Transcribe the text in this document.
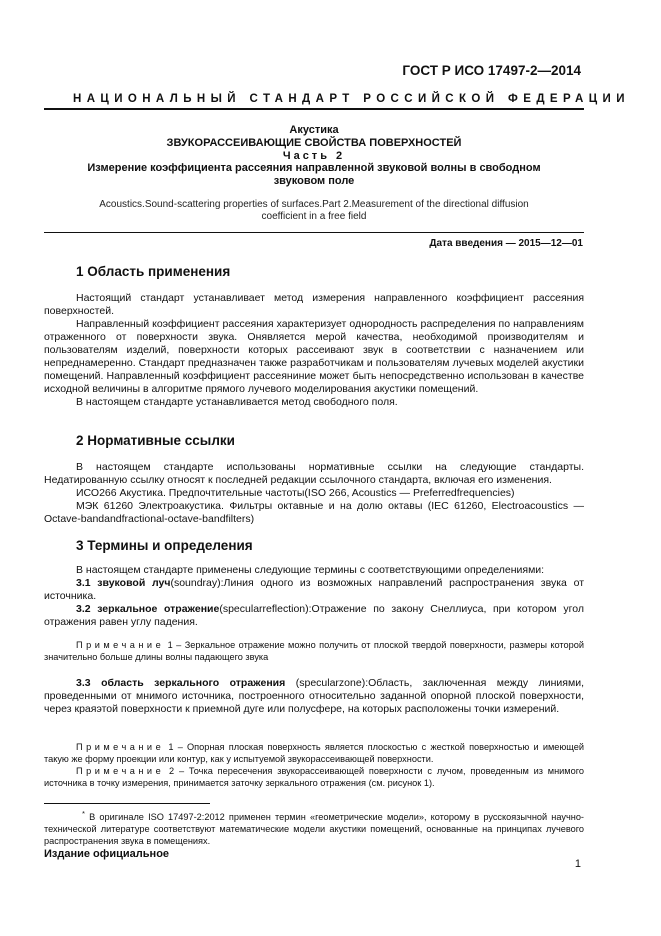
ГОСТ Р ИСО 17497-2—2014
НАЦИОНАЛЬНЫЙ СТАНДАРТ РОССИЙСКОЙ ФЕДЕРАЦИИ
Акустика
ЗВУКОРАССЕИВАЮЩИЕ СВОЙСТВА ПОВЕРХНОСТЕЙ
Часть 2
Измерение коэффициента рассеяния направленной звуковой волны в свободном
звуковом поле
Acoustics.Sound-scattering properties of surfaces.Part 2.Measurement of the directional diffusion
coefficient in a free field
Дата введения — 2015—12—01
1 Область применения

Настоящий стандарт устанавливает метод измерения направленного коэффициент рассеяния поверхностей.

Направленный коэффициент рассеяния характеризует однородность распределения по направлениям отраженного от поверхности звука. Онявляется мерой качества, необходимой производителям и пользователям изделий, поверхности которых рассеивают звук в соответствии с назначением или непреднамеренно. Стандарт предназначен также разработчикам и пользователям лучевых моделей акустики помещений. Направленный коэффициент рассеяниние может быть непосредственно использован в качестве исходной величины в алгоритме прямого лучевого моделирования акустики помещений.

В настоящем стандарте устанавливается метод свободного поля.

2 Нормативные ссылки

В настоящем стандарте использованы нормативные ссылки на следующие стандарты. Недатированную ссылку относят к последней редакции ссылочного стандарта, включая его изменения.

ИСО266 Акустика. Предпочтительные частоты(ISO 266, Acoustics — Preferredfrequencies)

МЭК 61260 Электроакустика. Фильтры октавные и на долю октавы (IEC 61260, Electroacoustics — Octave-bandandfractional-octave-bandfilters)

3 Термины и определения

В настоящем стандарте применены следующие термины с соответствующими определениями:

3.1 звуковой луч(soundray):Линия одного из возможных направлений распространения звука от источника.

3.2 зеркальное отражение(specularreflection):Отражение по закону Снеллиуса, при котором угол отражения равен углу падения.

Примечание 1 – Зеркальное отражение можно получить от плоской твердой поверхности, размеры которой значительно больше длины волны падающего звука

3.3 область зеркального отражения (specularzone):Область, заключенная между линиями, проведенными от мнимого источника, построенного относительно заданной опорной плоской поверхности, через краяэтой поверхности к приемной дуге или полусфере, на которых расположены точки измерений.

Примечание 1 – Опорная плоская поверхность является плоскостью с жесткой поверхностью и имеющей такую же форму проекции или контур, как у испытуемой звукорассеивающей поверхности.

Примечание 2 – Точка пересечения звукорассеивающей поверхности с лучом, проведенным из мнимого источника в точку измерения, принимается заточку зеркального отражения (см. рисунок 1).

* В оригинале ISO 17497-2:2012 применен термин «геометрические модели», которому в русскоязычной научно-технической литературе соответствуют математические модели акустики помещений, основанные на принципах лучевого распространения звука в помещениях.

Издание официальное
1
